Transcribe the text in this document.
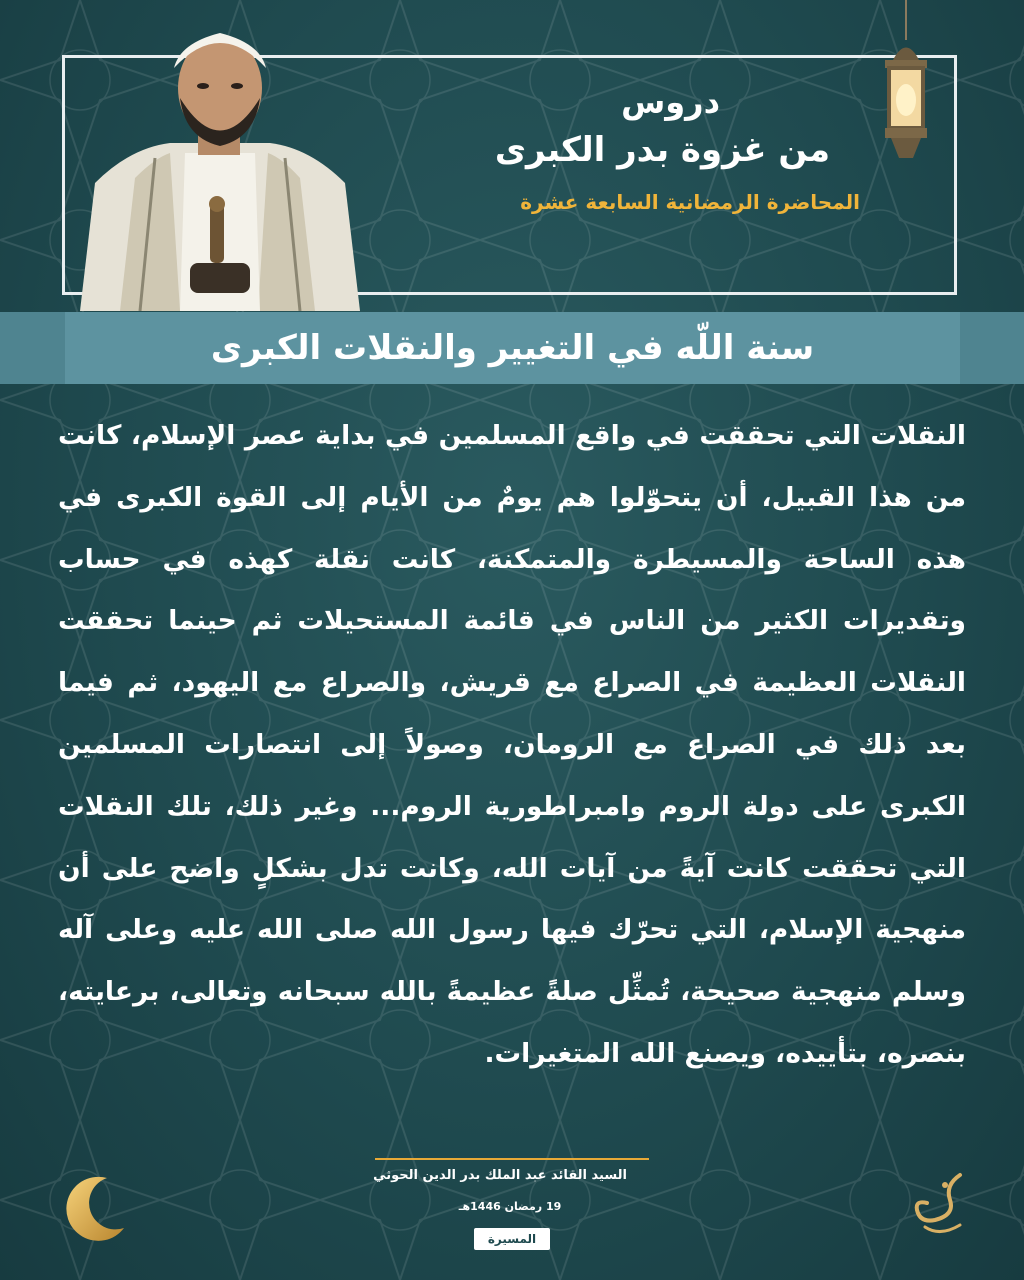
دروس
من غزوة بدر الكبرى
المحاضرة الرمضانية السابعة عشرة
سنة اللّه في التغيير والنقلات الكبرى

النقلات التي تحققت في واقع المسلمين في بداية عصر الإسلام، كانت من هذا القبيل، أن يتحوّلوا هم يومٌ من الأيام إلى القوة الكبرى في هذه الساحة والمسيطرة والمتمكنة، كانت نقلة كهذه في حساب وتقديرات الكثير من الناس في قائمة المستحيلات ثم حينما تحققت النقلات العظيمة في الصراع مع قريش، والصراع مع اليهود، ثم فيما بعد ذلك في الصراع مع الرومان، وصولاً إلى انتصارات المسلمين الكبرى على دولة الروم وامبراطورية الروم... وغير ذلك، تلك النقلات التي تحققت كانت آيةً من آيات الله، وكانت تدل بشكلٍ واضح على أن منهجية الإسلام، التي تحرّك فيها رسول الله صلى الله عليه وعلى آله وسلم منهجية صحيحة، تُمثِّل صلةً عظيمةً بالله سبحانه وتعالى، برعايته، بنصره، بتأييده، ويصنع الله المتغيرات.

السيد القائد عبد الملك بدر الدين الحوثي
19 رمضان 1446هـ
المسيرة
